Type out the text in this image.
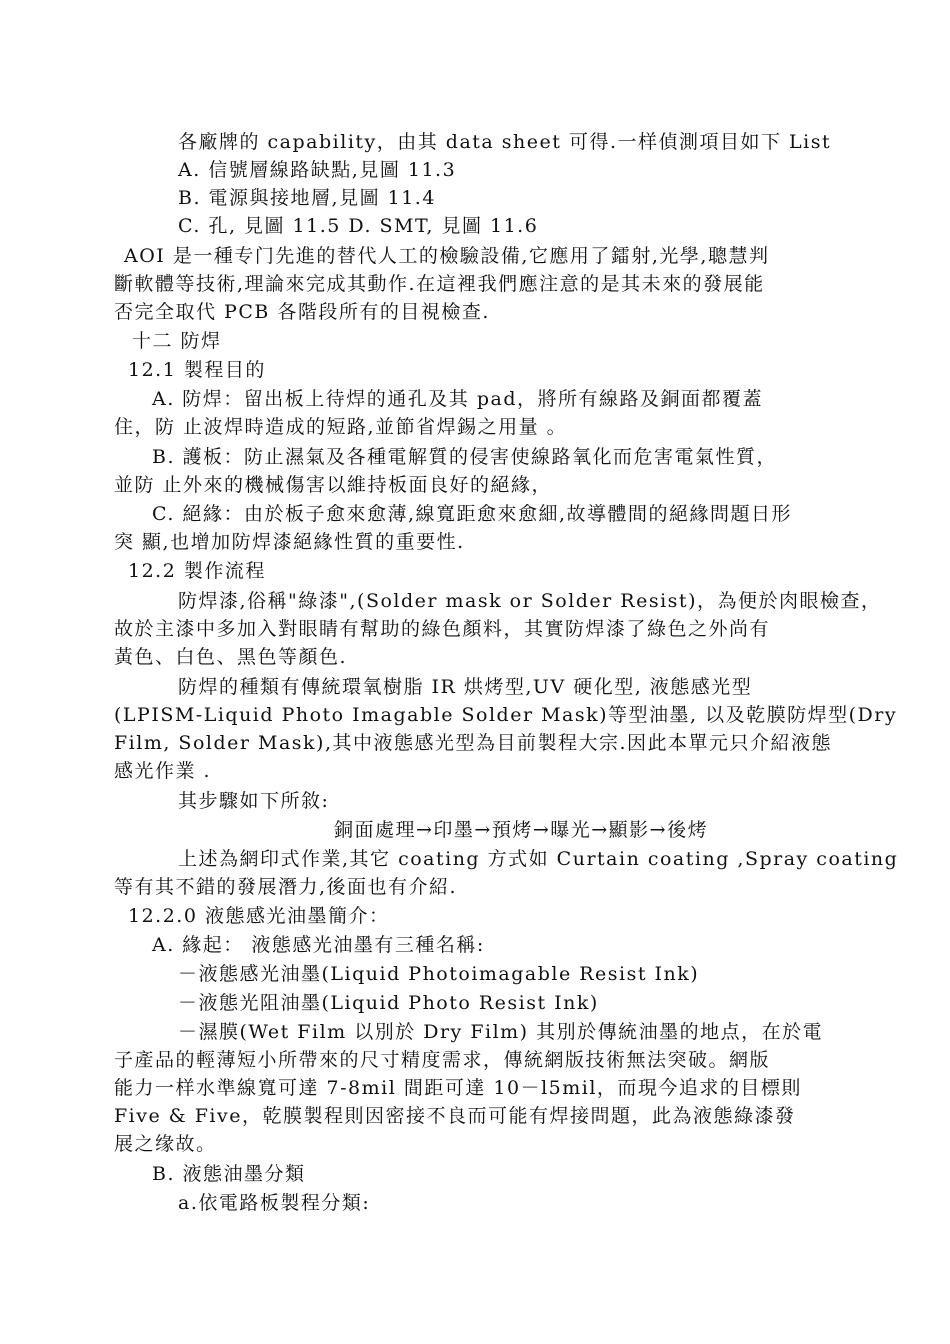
各廠牌的 capability，由其 data sheet 可得.一样偵測項目如下 List
A. 信號層線路缺點,見圖 11.3
B. 電源與接地層,見圖 11.4
C. 孔, 見圖 11.5 D. SMT, 見圖 11.6
AOI 是一種专门先進的替代人工的檢驗設備,它應用了鐳射,光學,聰慧判
斷軟體等技術,理論來完成其動作.在這裡我們應注意的是其未來的發展能
否完全取代 PCB 各階段所有的目視檢查.
十二 防焊
12.1 製程目的
A. 防焊：留出板上待焊的通孔及其 pad，將所有線路及銅面都覆蓋
住，防 止波焊時造成的短路,並節省焊錫之用量 。
B. 護板：防止濕氣及各種電解質的侵害使線路氧化而危害電氣性質，
並防 止外來的機械傷害以維持板面良好的絕緣，
C. 絕緣：由於板子愈來愈薄,線寬距愈來愈細,故導體間的絕緣問題日形
突 顯,也增加防焊漆絕緣性質的重要性.
12.2 製作流程
防焊漆,俗稱"綠漆",(Solder mask or Solder Resist)，為便於肉眼檢查，
故於主漆中多加入對眼睛有幫助的綠色顏料，其實防焊漆了綠色之外尚有
黃色、白色、黑色等顏色.
防焊的種類有傳統環氧樹脂 IR 烘烤型,UV 硬化型, 液態感光型
(LPISM-Liquid Photo Imagable Solder Mask)等型油墨, 以及乾膜防焊型(Dry
Film, Solder Mask),其中液態感光型為目前製程大宗.因此本單元只介紹液態
感光作業 .
其步驟如下所敘:
銅面處理→印墨→預烤→曝光→顯影→後烤
上述為網印式作業,其它 coating 方式如 Curtain coating ,Spray coating
等有其不錯的發展潛力,後面也有介紹.
12.2.0 液態感光油墨簡介：
A. 緣起： 液態感光油墨有三種名稱:
－液態感光油墨(Liquid Photoimagable Resist Ink)
－液態光阻油墨(Liquid Photo Resist Ink)
－濕膜(Wet Film 以別於 Dry Film) 其別於傳統油墨的地点，在於電
子產品的輕薄短小所帶來的尺寸精度需求，傳統網版技術無法突破。網版
能力一样水準線寬可達 7-8mil 間距可達 10－l5mil，而現今追求的目標則
Five & Five，乾膜製程則因密接不良而可能有焊接問題，此為液態綠漆發
展之缘故。
B. 液態油墨分類
a.依電路板製程分類:
